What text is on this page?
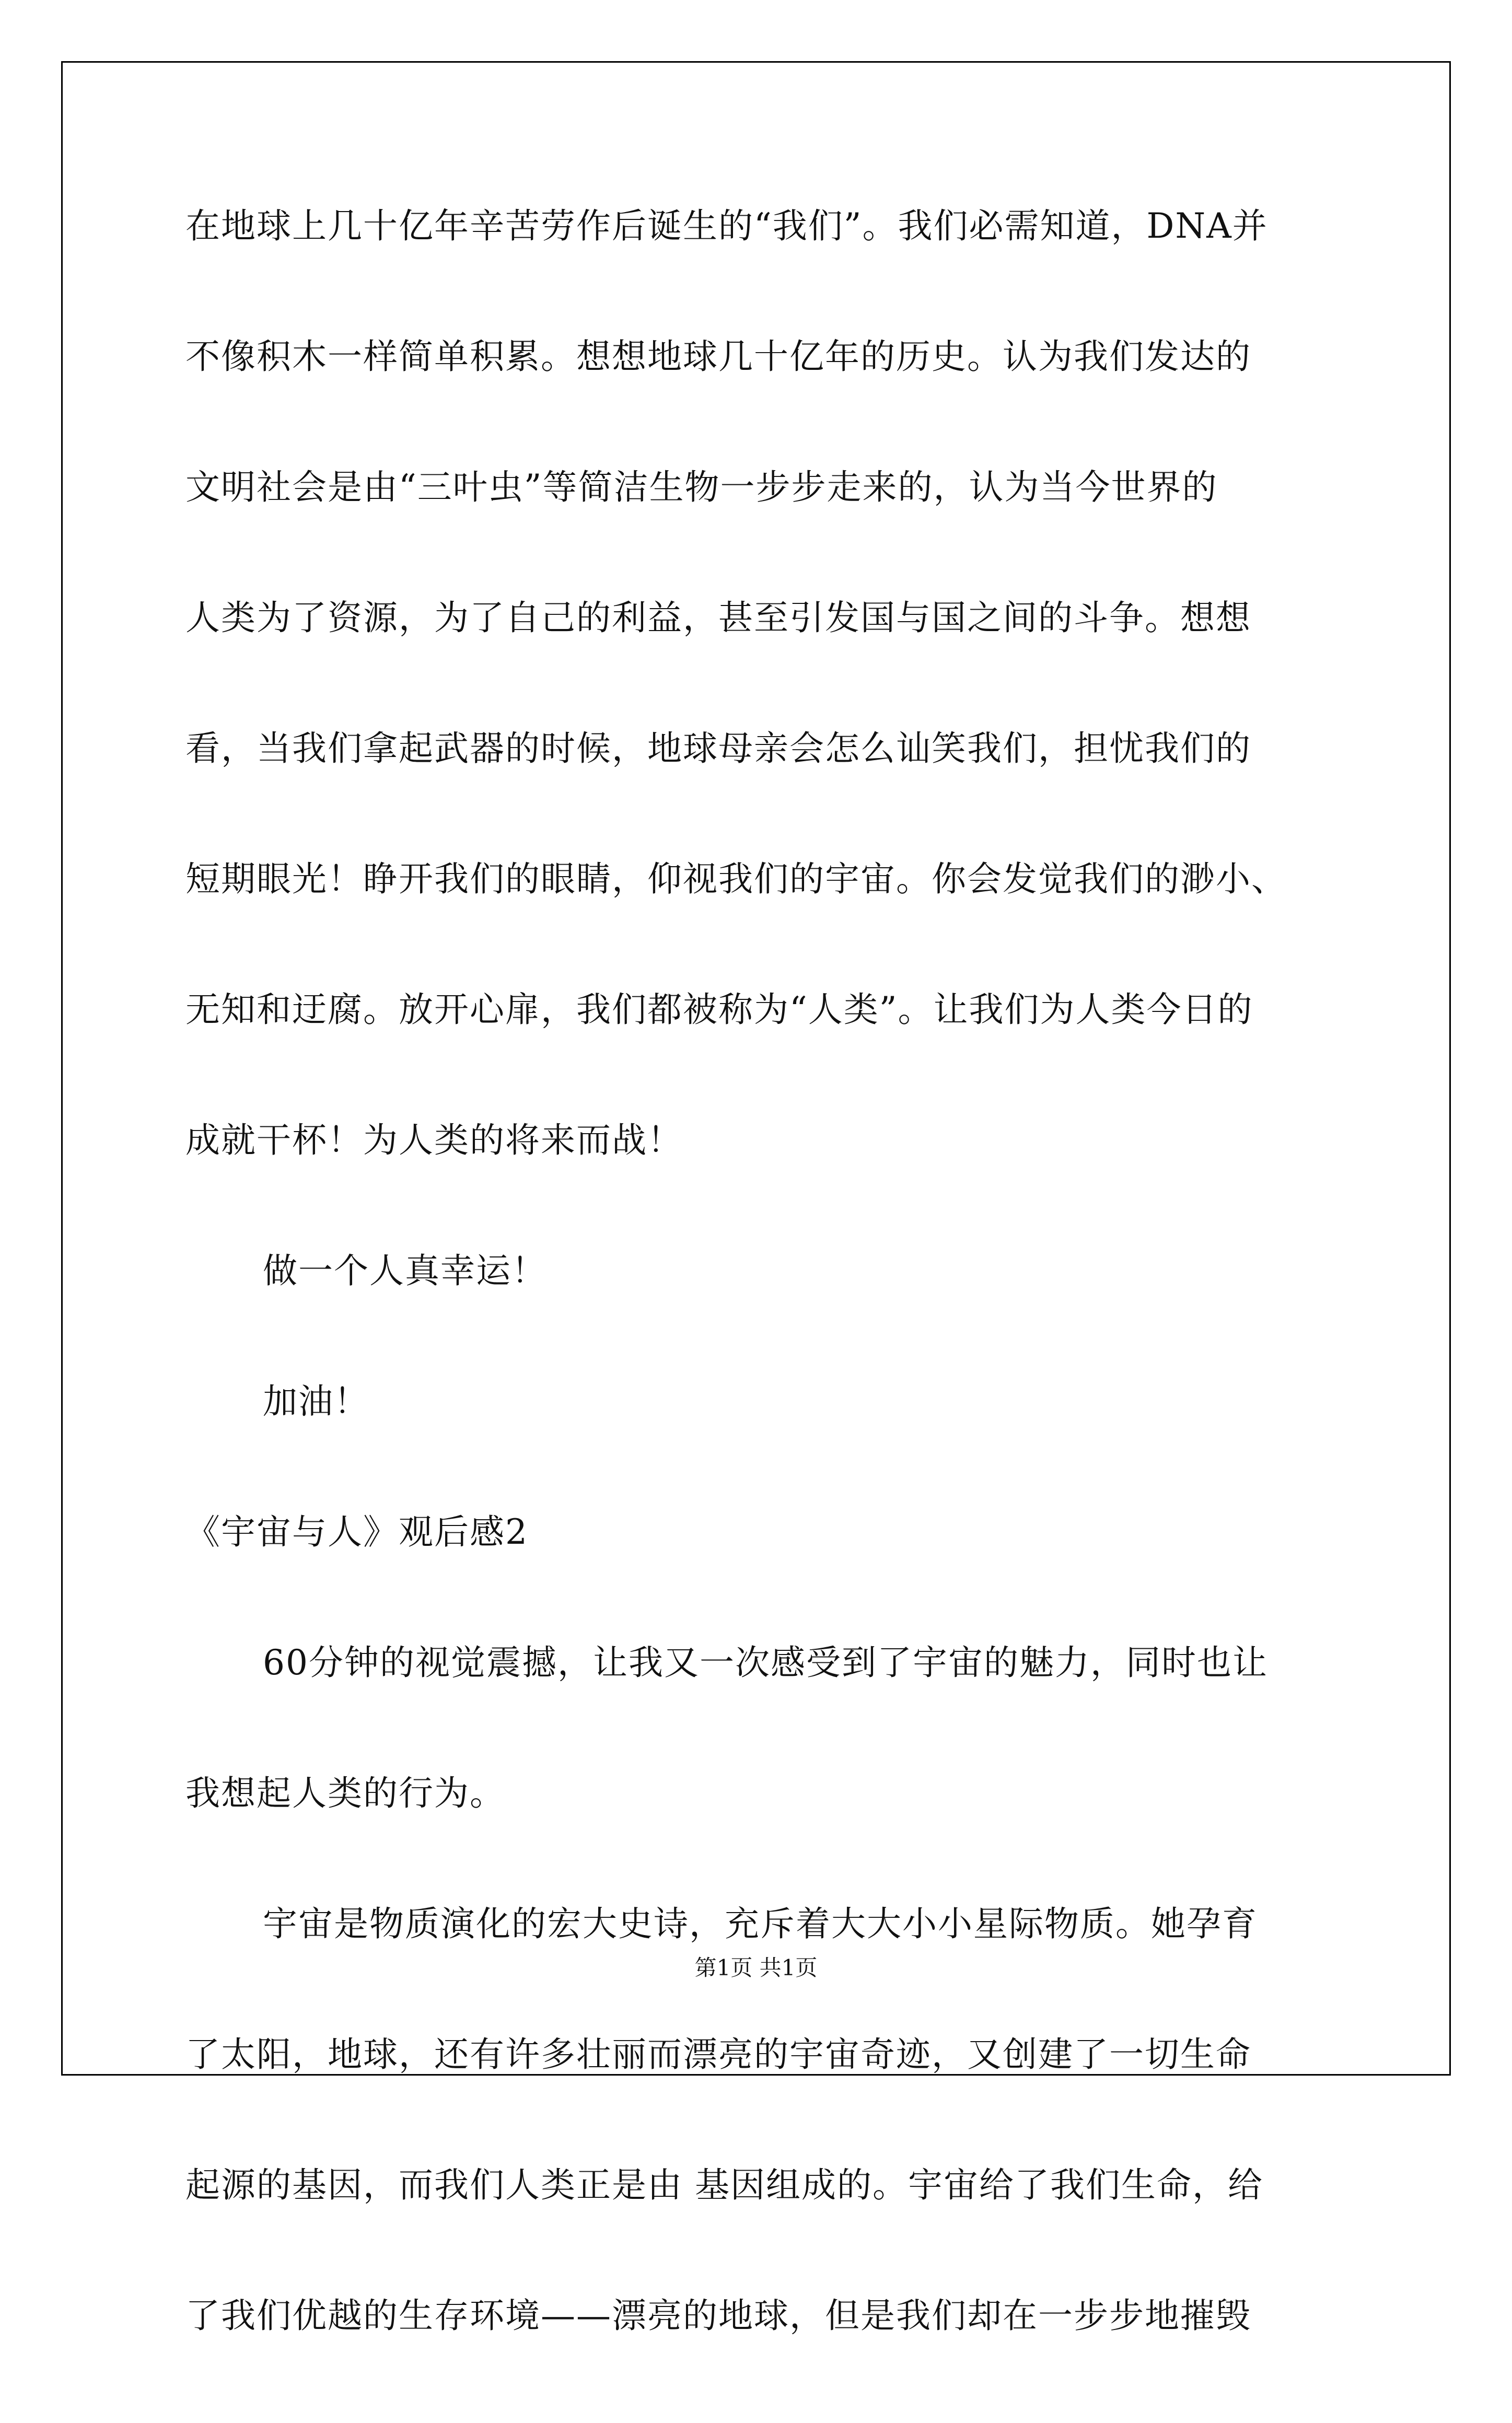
在地球上几十亿年辛苦劳作后诞生的“我们”。我们必需知道，DNA并
不像积木一样简单积累。想想地球几十亿年的历史。认为我们发达的
文明社会是由“三叶虫”等简洁生物一步步走来的，认为当今世界的
人类为了资源，为了自己的利益，甚至引发国与国之间的斗争。想想
看，当我们拿起武器的时候，地球母亲会怎么讪笑我们，担忧我们的
短期眼光！睁开我们的眼睛，仰视我们的宇宙。你会发觉我们的渺小、
无知和迂腐。放开心扉，我们都被称为“人类”。让我们为人类今日的
成就干杯！为人类的将来而战！
做一个人真幸运！
加油！
《宇宙与人》观后感2
60分钟的视觉震撼，让我又一次感受到了宇宙的魅力，同时也让
我想起人类的行为。
宇宙是物质演化的宏大史诗，充斥着大大小小星际物质。她孕育
了太阳，地球，还有许多壮丽而漂亮的宇宙奇迹，又创建了一切生命
起源的基因，而我们人类正是由 基因组成的。宇宙给了我们生命，给
了我们优越的生存环境——漂亮的地球，但是我们却在一步步地摧毁
第1页 共1页
